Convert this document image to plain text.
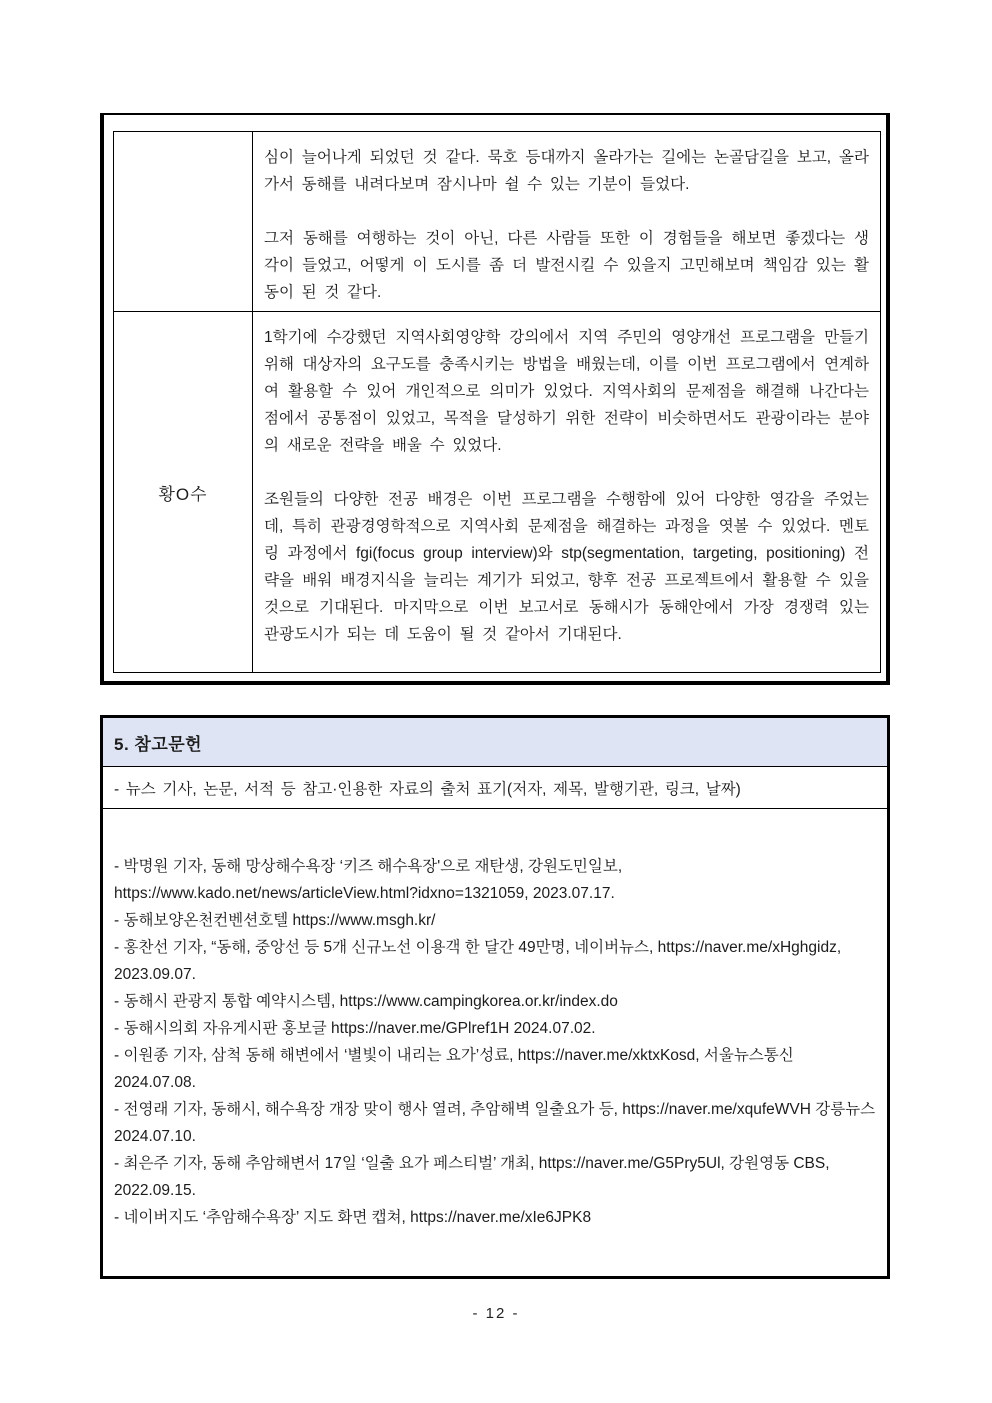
심이 늘어나게 되었던 것 같다. 묵호 등대까지 올라가는 길에는 논골담길을 보고, 올라가서 동해를 내려다보며 잠시나마 쉴 수 있는 기분이 들었다.

그저 동해를 여행하는 것이 아닌, 다른 사람들 또한 이 경험들을 해보면 좋겠다는 생각이 들었고, 어떻게 이 도시를 좀 더 발전시킬 수 있을지 고민해보며 책임감 있는 활동이 된 것 같다.

황O수

1학기에 수강했던 지역사회영양학 강의에서 지역 주민의 영양개선 프로그램을 만들기 위해 대상자의 요구도를 충족시키는 방법을 배웠는데, 이를 이번 프로그램에서 연계하여 활용할 수 있어 개인적으로 의미가 있었다. 지역사회의 문제점을 해결해 나간다는 점에서 공통점이 있었고, 목적을 달성하기 위한 전략이 비슷하면서도 관광이라는 분야의 새로운 전략을 배울 수 있었다.

조원들의 다양한 전공 배경은 이번 프로그램을 수행함에 있어 다양한 영감을 주었는데, 특히 관광경영학적으로 지역사회 문제점을 해결하는 과정을 엿볼 수 있었다. 멘토링 과정에서 fgi(focus group interview)와 stp(segmentation, targeting, positioning) 전략을 배워 배경지식을 늘리는 계기가 되었고, 향후 전공 프로젝트에서 활용할 수 있을 것으로 기대된다. 마지막으로 이번 보고서로 동해시가 동해안에서 가장 경쟁력 있는 관광도시가 되는 데 도움이 될 것 같아서 기대된다.

5. 참고문헌
- 뉴스 기사, 논문, 서적 등 참고·인용한 자료의 출처 표기(저자, 제목, 발행기관, 링크, 날짜)
- 박명원 기자, 동해 망상해수욕장 ‘키즈 해수욕장'으로 재탄생, 강원도민일보, https://www.kado.net/news/articleView.html?idxno=1321059, 2023.07.17.
- 동해보양온천컨벤션호텔 https://www.msgh.kr/
- 홍찬선 기자, “동해, 중앙선 등 5개 신규노선 이용객 한 달간 49만명, 네이버뉴스, https://naver.me/xHghgidz, 2023.09.07.
- 동해시 관광지 통합 예약시스템, https://www.campingkorea.or.kr/index.do
- 동해시의회 자유게시판 홍보글 https://naver.me/GPlref1H 2024.07.02.
- 이원종 기자, 삼척 동해 해변에서 ‘별빛이 내리는 요가’성료, https://naver.me/xktxKosd, 서울뉴스통신 2024.07.08.
- 전영래 기자, 동해시, 해수욕장 개장 맞이 행사 열려, 추암해벽 일출요가 등, https://naver.me/xqufeWVH 강릉뉴스 2024.07.10.
- 최은주 기자, 동해 추암해변서 17일 ‘일출 요가 페스티벌’ 개최, https://naver.me/G5Pry5Ul, 강원영동 CBS, 2022.09.15.
- 네이버지도 ‘추암해수욕장’ 지도 화면 캡쳐, https://naver.me/xIe6JPK8
- 12 -
